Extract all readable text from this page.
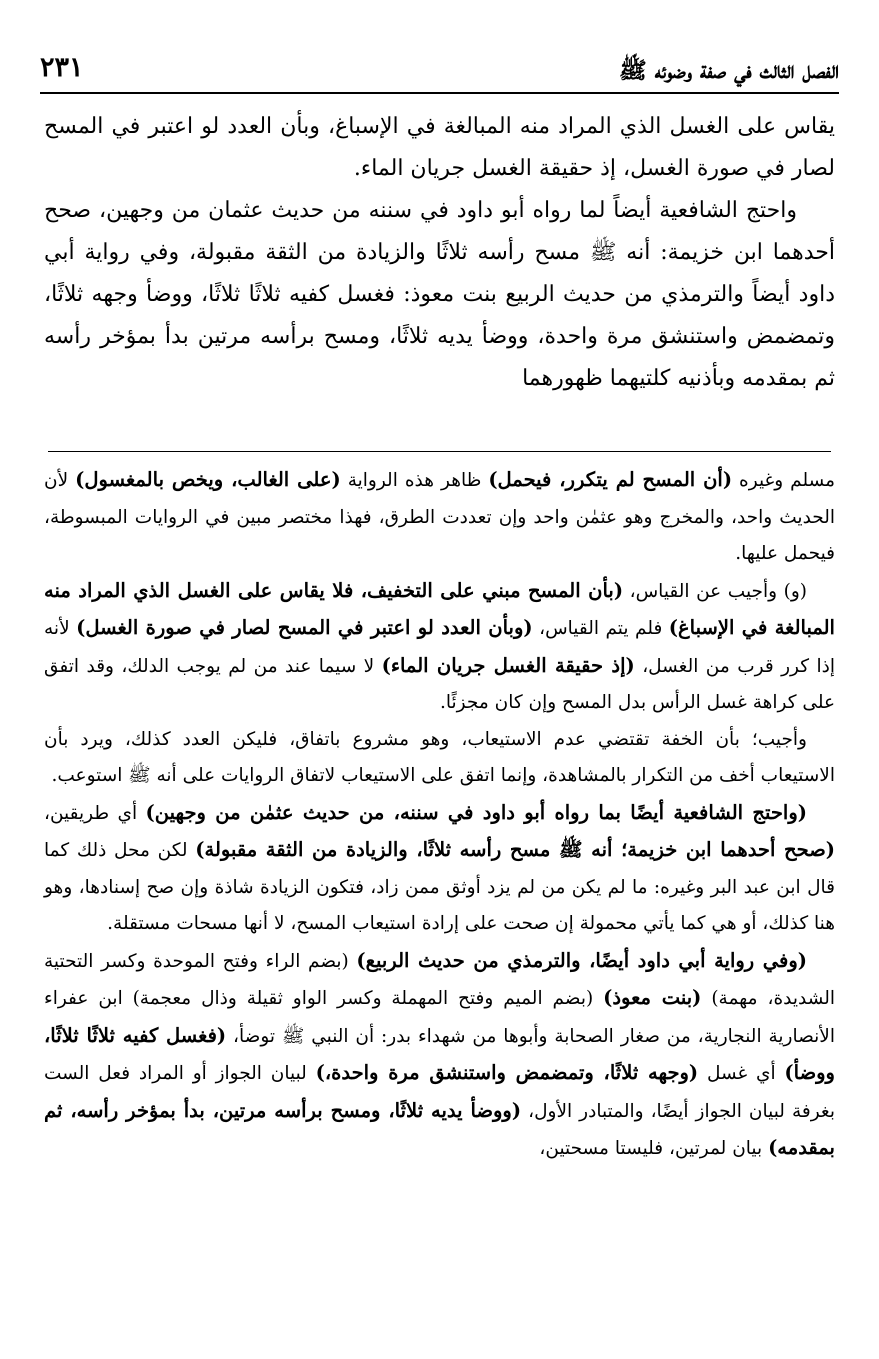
الفصل الثالث في صفة وضوئه ﷺ
٢٣١

يقاس على الغسل الذي المراد منه المبالغة في الإسباغ، وبأن العدد لو اعتبر في المسح لصار في صورة الغسل، إذ حقيقة الغسل جريان الماء.

واحتج الشافعية أيضاً لما رواه أبو داود في سننه من حديث عثمان من وجهين، صحح أحدهما ابن خزيمة: أنه ﷺ مسح رأسه ثلاثًا والزيادة من الثقة مقبولة، وفي رواية أبي داود أيضاً والترمذي من حديث الربيع بنت معوذ: فغسل كفيه ثلاثًا ثلاثًا، ووضأ وجهه ثلاثًا، وتمضمض واستنشق مرة واحدة، ووضأ يديه ثلاثًا، ومسح برأسه مرتين بدأ بمؤخر رأسه ثم بمقدمه وبأذنيه كلتيهما ظهورهما

مسلم وغيره (أن المسح لم يتكرر، فيحمل) ظاهر هذه الرواية (على الغالب، ويخص بالمغسول) لأن الحديث واحد، والمخرج وهو عثمٰن واحد وإن تعددت الطرق، فهذا مختصر مبين في الروايات المبسوطة، فيحمل عليها.

(و) وأجيب عن القياس، (بأن المسح مبني على التخفيف، فلا يقاس على الغسل الذي المراد منه المبالغة في الإسباغ) فلم يتم القياس، (وبأن العدد لو اعتبر في المسح لصار في صورة الغسل) لأنه إذا كرر قرب من الغسل، (إذ حقيقة الغسل جريان الماء) لا سيما عند من لم يوجب الدلك، وقد اتفق على كراهة غسل الرأس بدل المسح وإن كان مجزئًا.

وأجيب؛ بأن الخفة تقتضي عدم الاستيعاب، وهو مشروع باتفاق، فليكن العدد كذلك، ويرد بأن الاستيعاب أخف من التكرار بالمشاهدة، وإنما اتفق على الاستيعاب لاتفاق الروايات على أنه ﷺ استوعب.

(واحتج الشافعية أيضًا بما رواه أبو داود في سننه، من حديث عثمٰن من وجهين) أي طريقين، (صحح أحدهما ابن خزيمة؛ أنه ﷺ مسح رأسه ثلاثًا، والزيادة من الثقة مقبولة) لكن محل ذلك كما قال ابن عبد البر وغيره: ما لم يكن من لم يزد أوثق ممن زاد، فتكون الزيادة شاذة وإن صح إسنادها، وهو هنا كذلك، أو هي كما يأتي محمولة إن صحت على إرادة استيعاب المسح، لا أنها مسحات مستقلة.

(وفي رواية أبي داود أيضًا، والترمذي من حديث الربيع) (بضم الراء وفتح الموحدة وكسر التحتية الشديدة، مهمة) (بنت معوذ) (بضم الميم وفتح المهملة وكسر الواو ثقيلة وذال معجمة) ابن عفراء الأنصارية النجارية، من صغار الصحابة وأبوها من شهداء بدر: أن النبي ﷺ توضأ، (فغسل كفيه ثلاثًا ثلاثًا، ووضأ) أي غسل (وجهه ثلاثًا، وتمضمض واستنشق مرة واحدة،) لبيان الجواز أو المراد فعل الست بغرفة لبيان الجواز أيضًا، والمتبادر الأول، (ووضأ يديه ثلاثًا، ومسح برأسه مرتين، بدأ بمؤخر رأسه، ثم بمقدمه) بيان لمرتين، فليستا مسحتين،
